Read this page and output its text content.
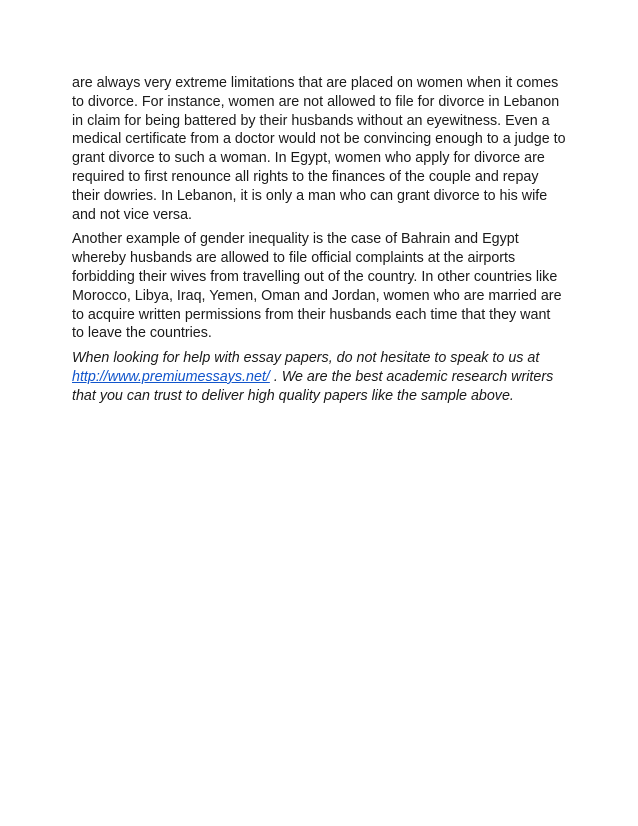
are always very extreme limitations that are placed on women when it comes to divorce. For instance, women are not allowed to file for divorce in Lebanon in claim for being battered by their husbands without an eyewitness. Even a medical certificate from a doctor would not be convincing enough to a judge to grant divorce to such a woman. In Egypt, women who apply for divorce are required to first renounce all rights to the finances of the couple and repay their dowries. In Lebanon, it is only a man who can grant divorce to his wife and not vice versa.

Another example of gender inequality is the case of Bahrain and Egypt whereby husbands are allowed to file official complaints at the airports forbidding their wives from travelling out of the country. In other countries like Morocco, Libya, Iraq, Yemen, Oman and Jordan, women who are married are to acquire written permissions from their husbands each time that they want to leave the countries.

When looking for help with essay papers, do not hesitate to speak to us at http://www.premiumessays.net/ . We are the best academic research writers that you can trust to deliver high quality papers like the sample above.
